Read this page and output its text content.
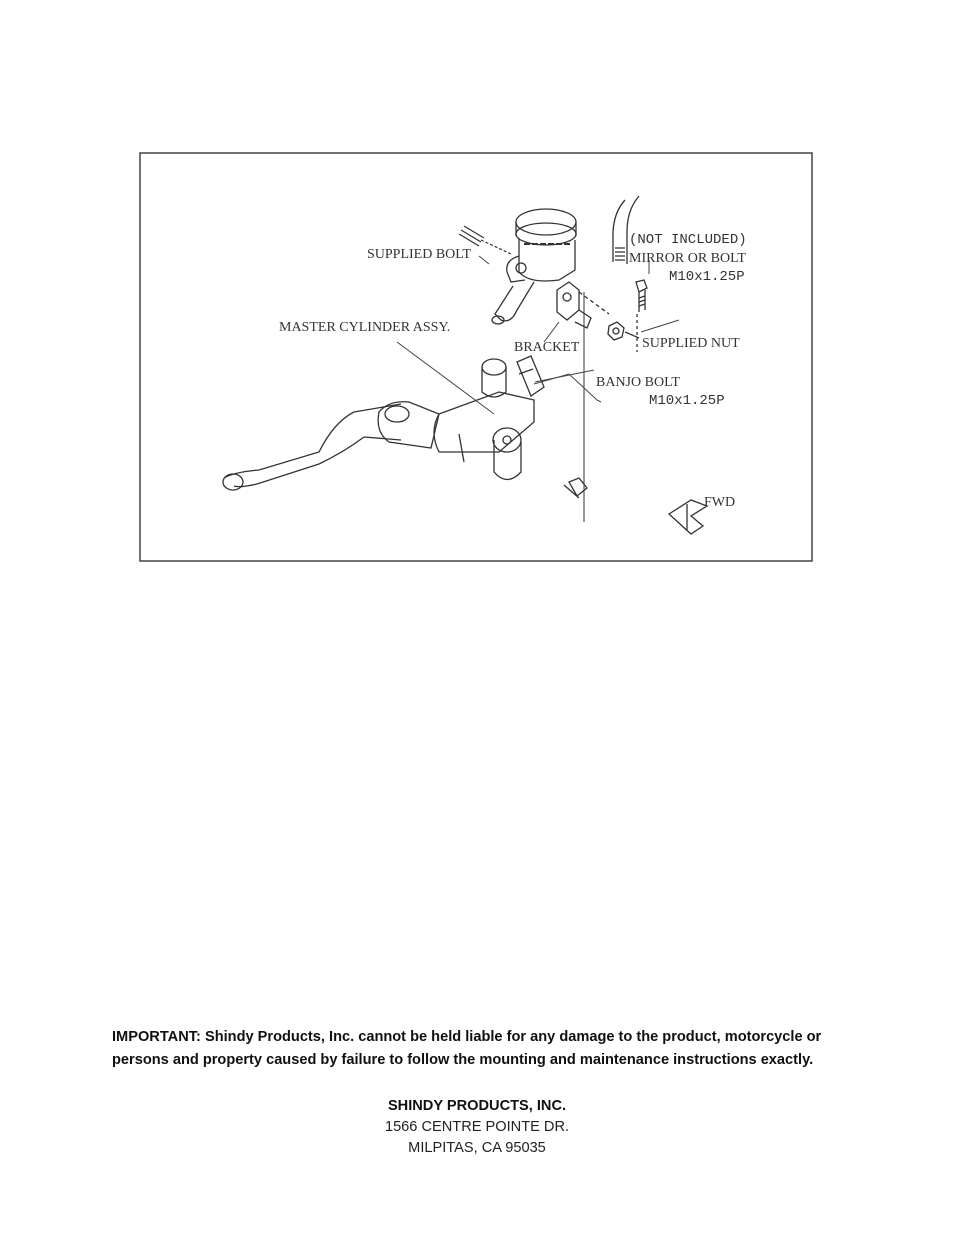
SUPPLIED BOLT
(NOT INCLUDED)
MIRROR OR BOLT
M10x1.25P
MASTER CYLINDER ASSY.
BRACKET	SUPPLIED NUT
BANJO BOLT
M10x1.25P
FWD

IMPORTANT: Shindy Products, Inc. cannot be held liable for any damage to the product, motorcycle or persons and property caused by failure to follow the mounting and maintenance instructions exactly.

SHINDY PRODUCTS, INC.
1566 CENTRE POINTE DR.
MILPITAS, CA 95035
